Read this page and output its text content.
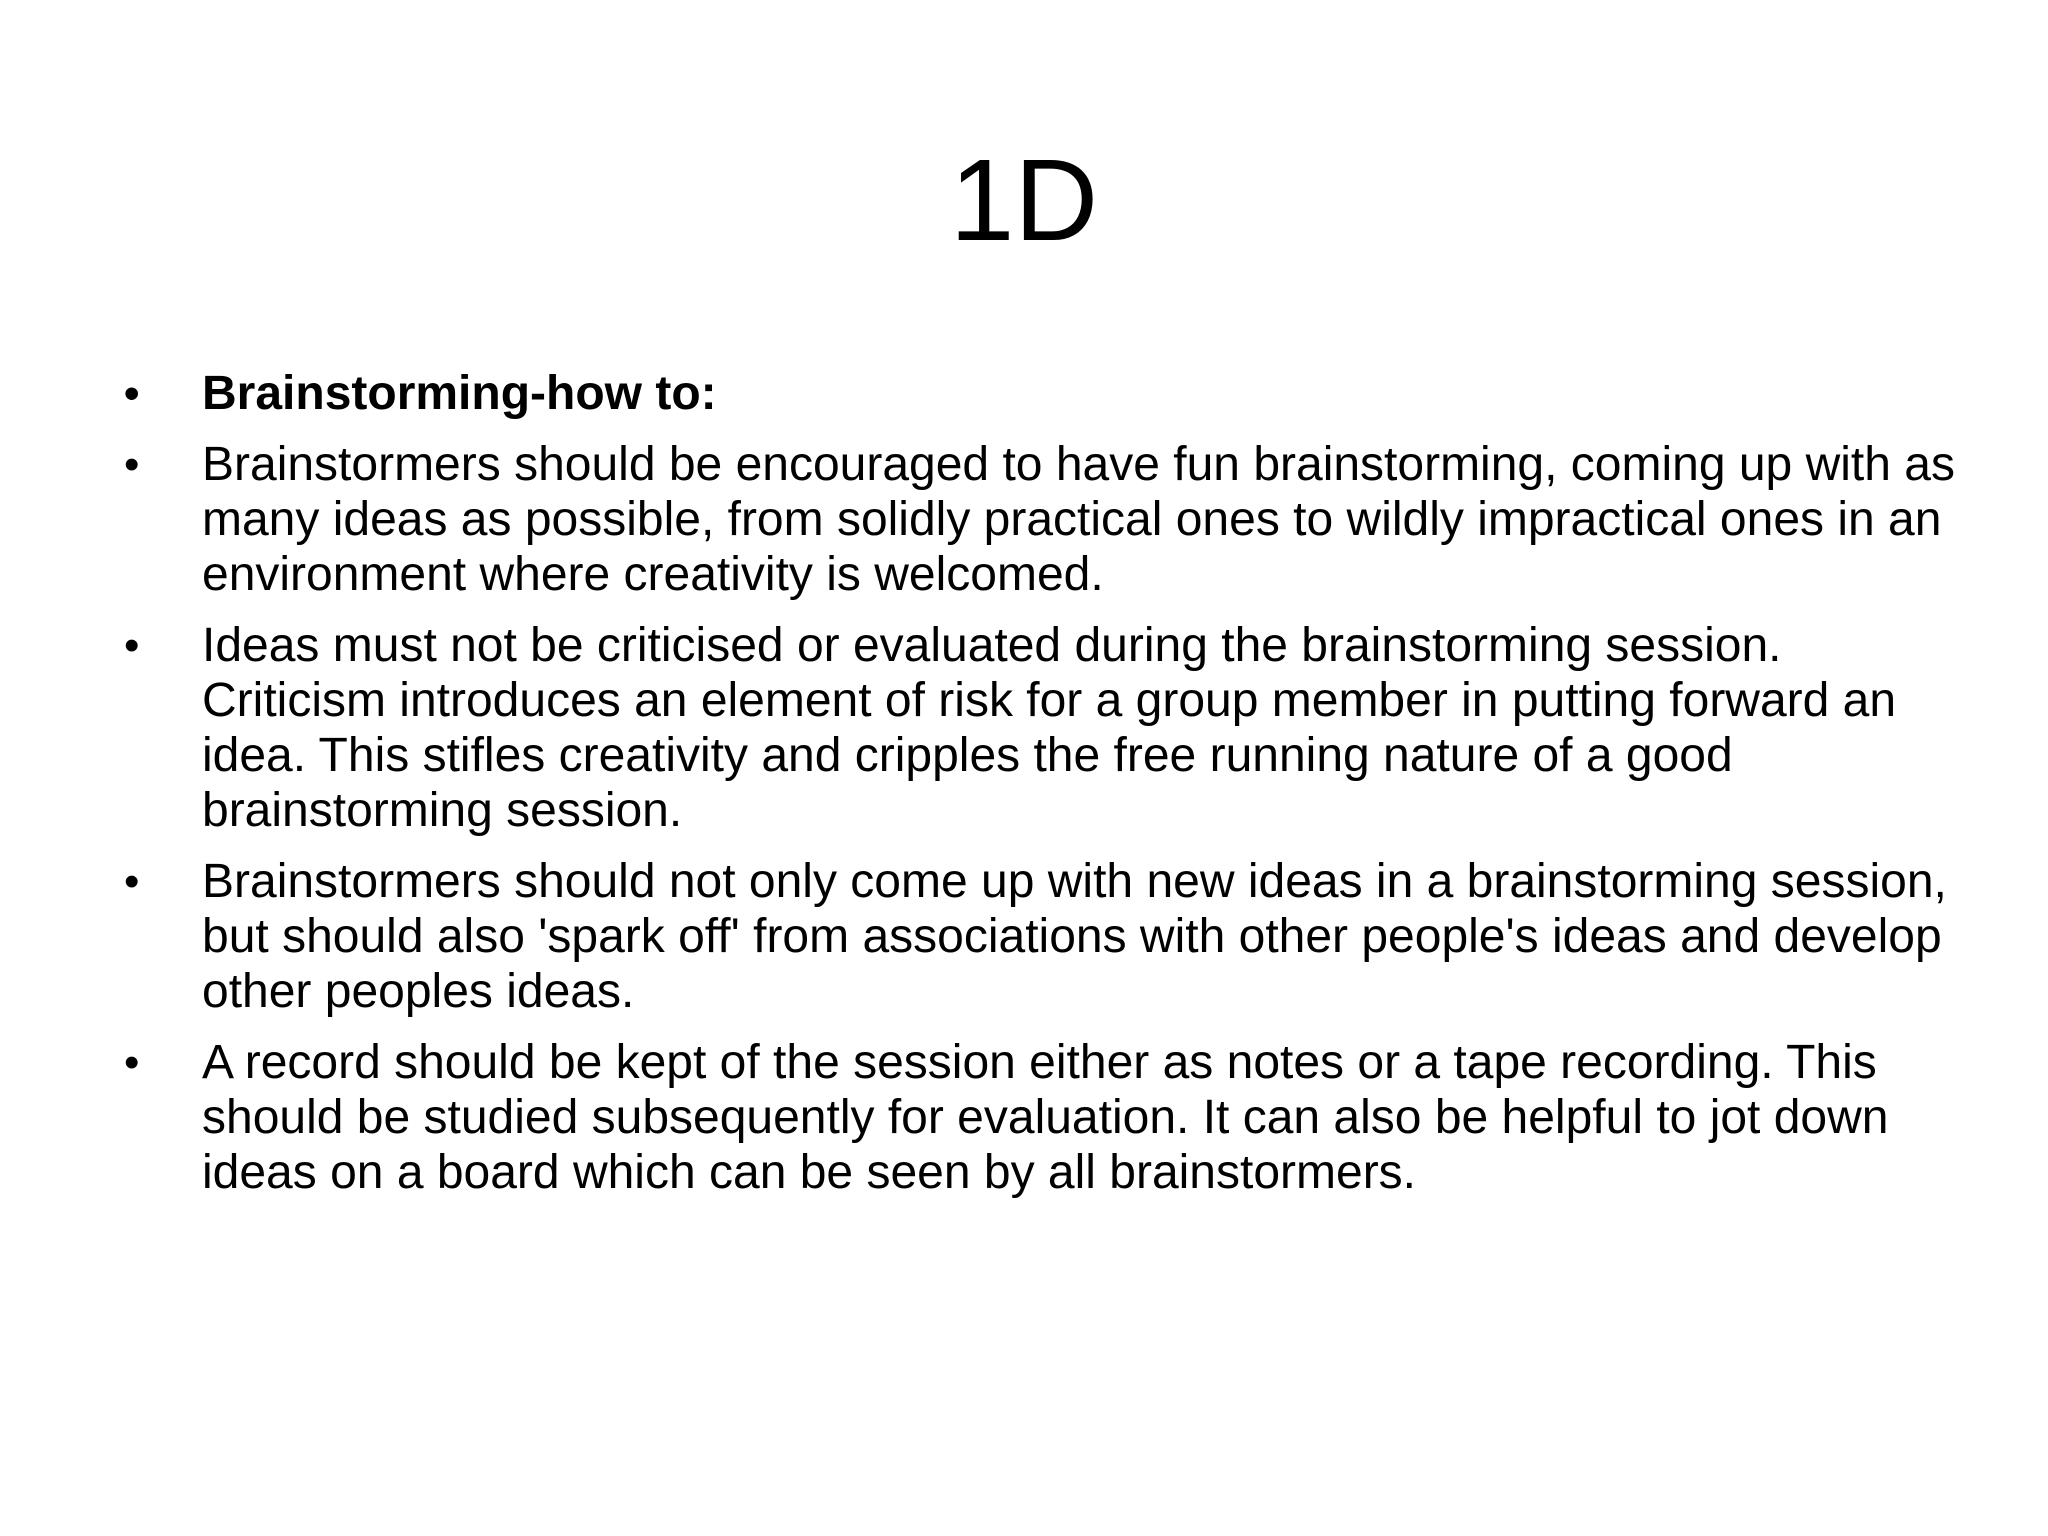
1D
•	Brainstorming-how to:
•	Brainstormers should be encouraged to have fun brainstorming, coming up with as many ideas as possible, from solidly practical ones to wildly impractical ones in an environment where creativity is welcomed.
•	Ideas must not be criticised or evaluated during the brainstorming session. Criticism introduces an element of risk for a group member in putting forward an idea. This stifles creativity and cripples the free running nature of a good brainstorming session.
•	Brainstormers should not only come up with new ideas in a brainstorming session, but should also 'spark off' from associations with other people's ideas and develop other peoples ideas.
•	A record should be kept of the session either as notes or a tape recording. This should be studied subsequently for evaluation. It can also be helpful to jot down ideas on a board which can be seen by all brainstormers.
